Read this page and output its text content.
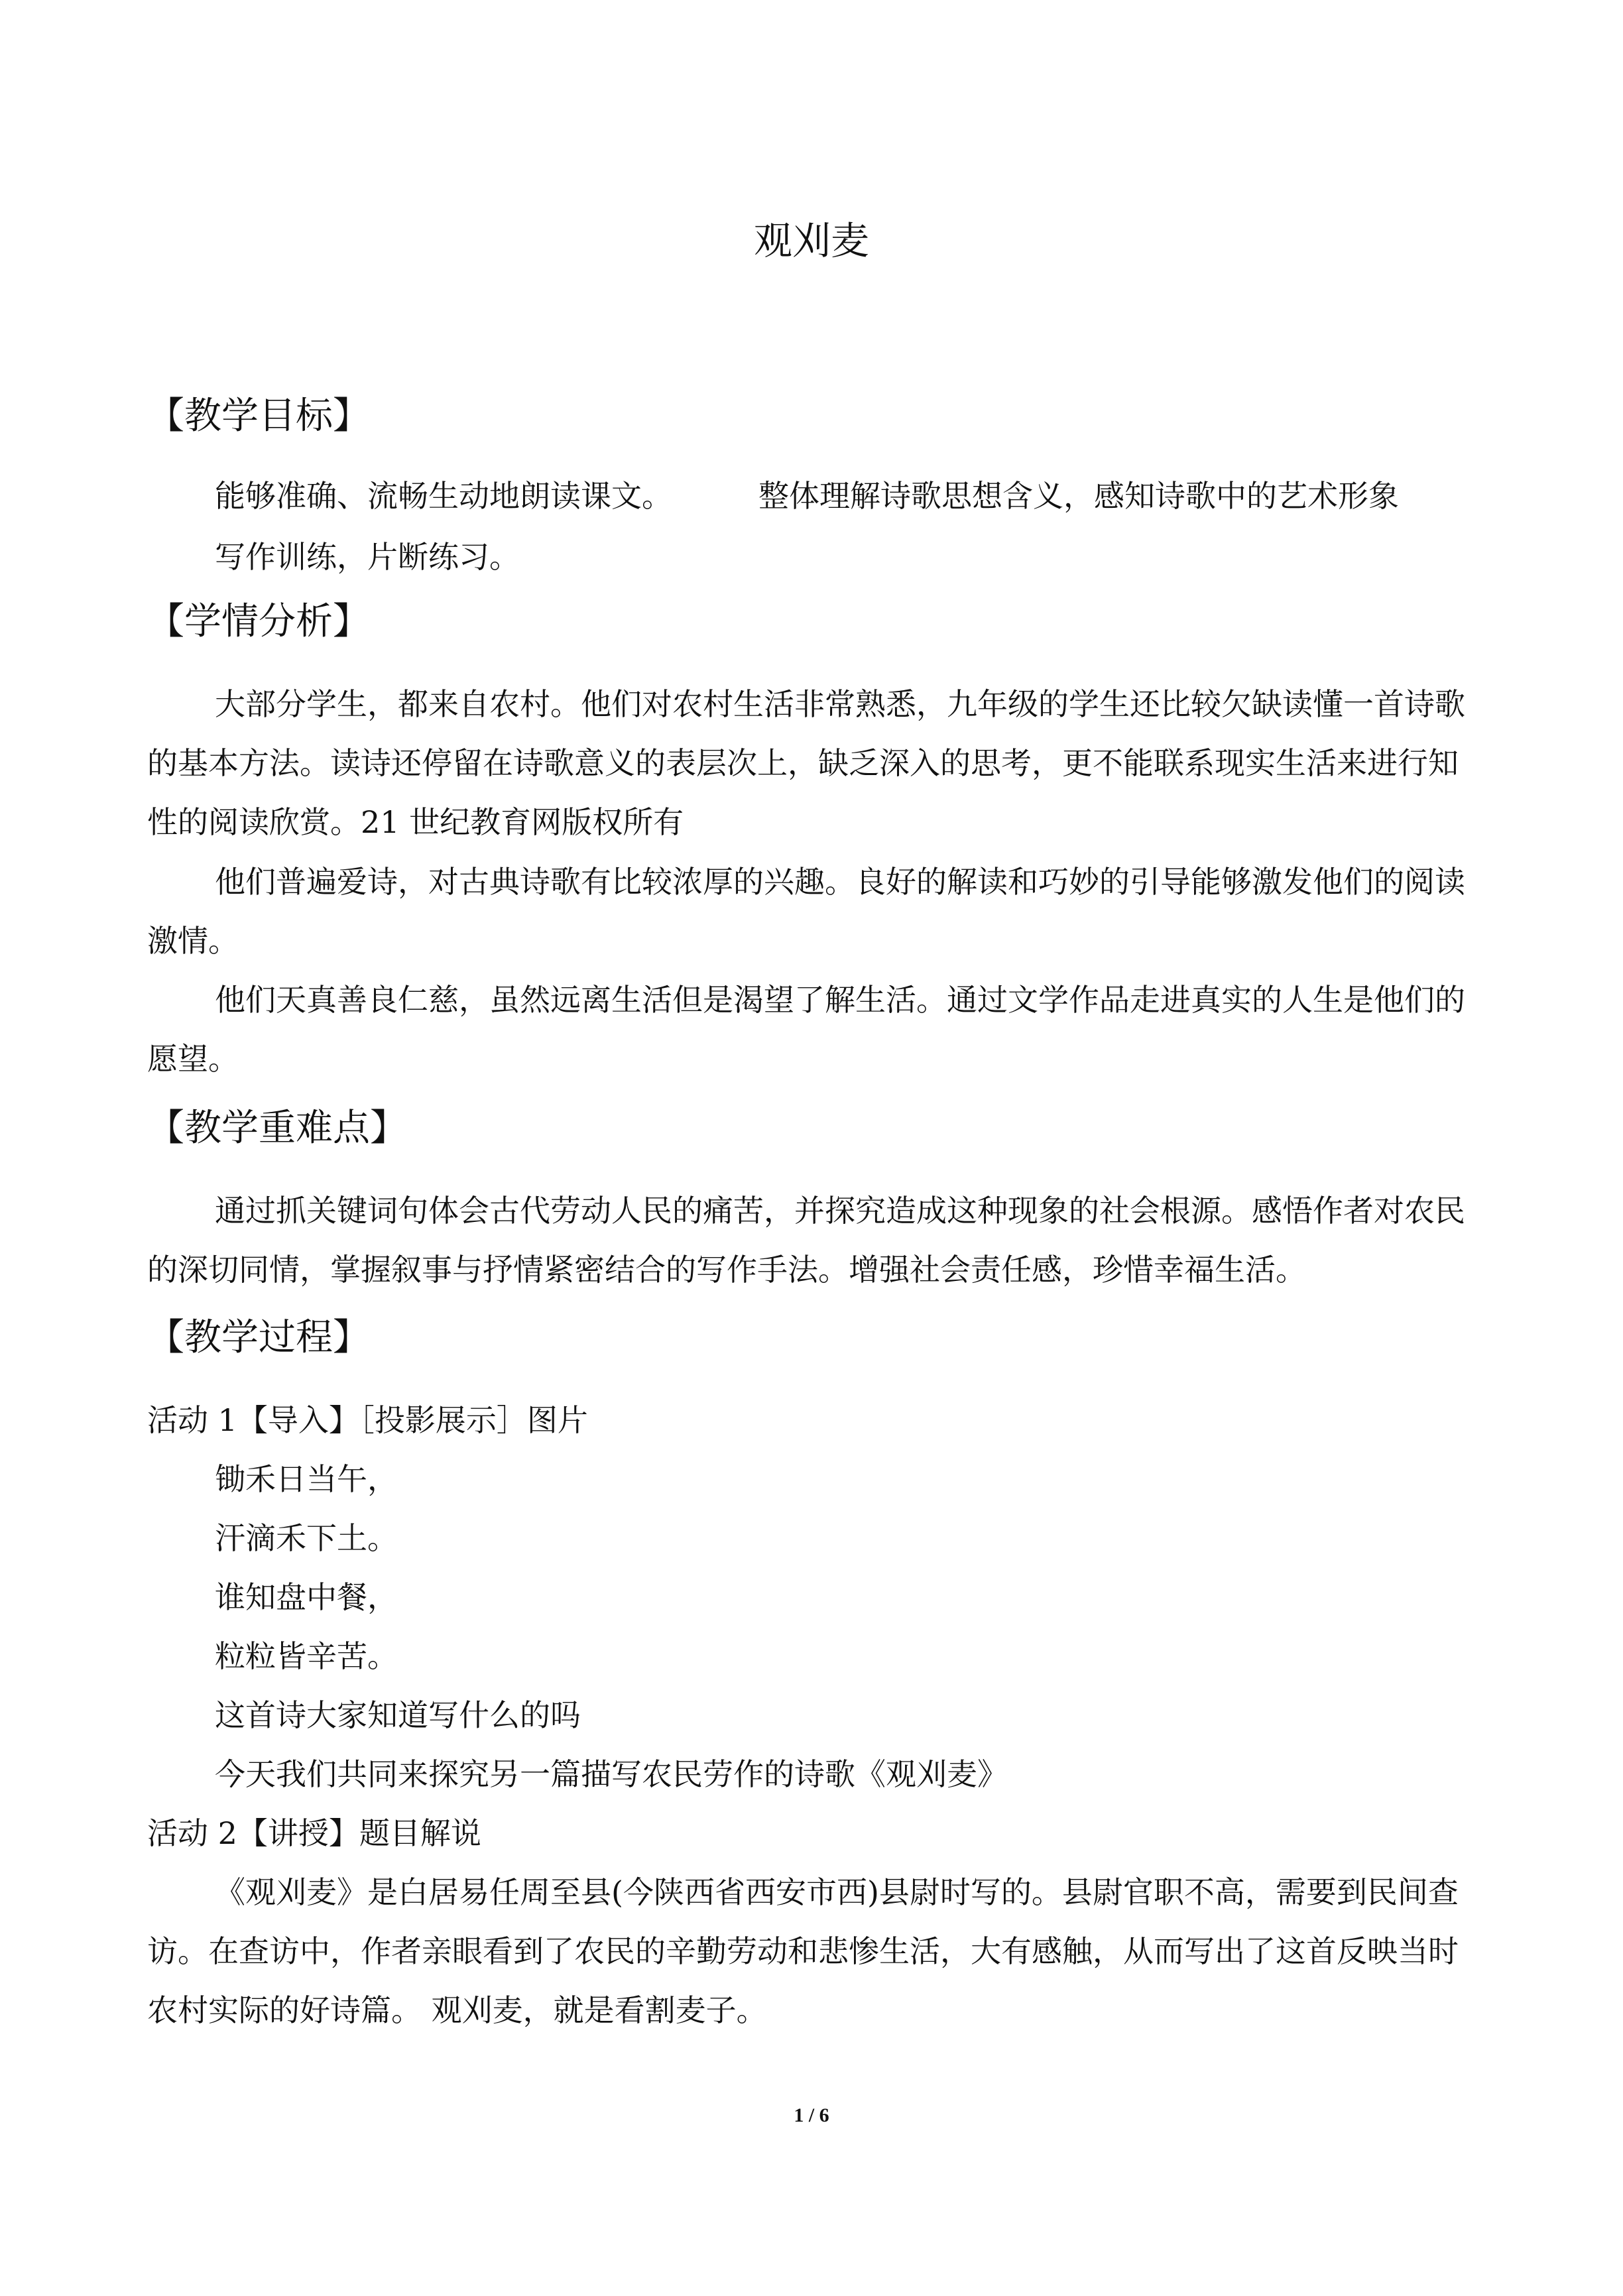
观刈麦
【教学目标】
能够准确、流畅生动地朗读课文。	整体理解诗歌思想含义，感知诗歌中的艺术形象
写作训练，片断练习。
【学情分析】
大部分学生，都来自农村。他们对农村生活非常熟悉，九年级的学生还比较欠缺读懂一首诗歌的基本方法。读诗还停留在诗歌意义的表层次上，缺乏深入的思考，更不能联系现实生活来进行知性的阅读欣赏。21 世纪教育网版权所有
他们普遍爱诗，对古典诗歌有比较浓厚的兴趣。良好的解读和巧妙的引导能够激发他们的阅读激情。
他们天真善良仁慈，虽然远离生活但是渴望了解生活。通过文学作品走进真实的人生是他们的愿望。
【教学重难点】
通过抓关键词句体会古代劳动人民的痛苦，并探究造成这种现象的社会根源。感悟作者对农民的深切同情，掌握叙事与抒情紧密结合的写作手法。增强社会责任感，珍惜幸福生活。
【教学过程】
活动 1【导入】［投影展示］图片
锄禾日当午，
汗滴禾下土。
谁知盘中餐，
粒粒皆辛苦。
这首诗大家知道写什么的吗
今天我们共同来探究另一篇描写农民劳作的诗歌《观刈麦》
活动 2【讲授】题目解说
《观刈麦》是白居易任周至县(今陕西省西安市西)县尉时写的。县尉官职不高，需要到民间查访。在查访中，作者亲眼看到了农民的辛勤劳动和悲惨生活，大有感触，从而写出了这首反映当时农村实际的好诗篇。 观刈麦，就是看割麦子。
1 / 6
